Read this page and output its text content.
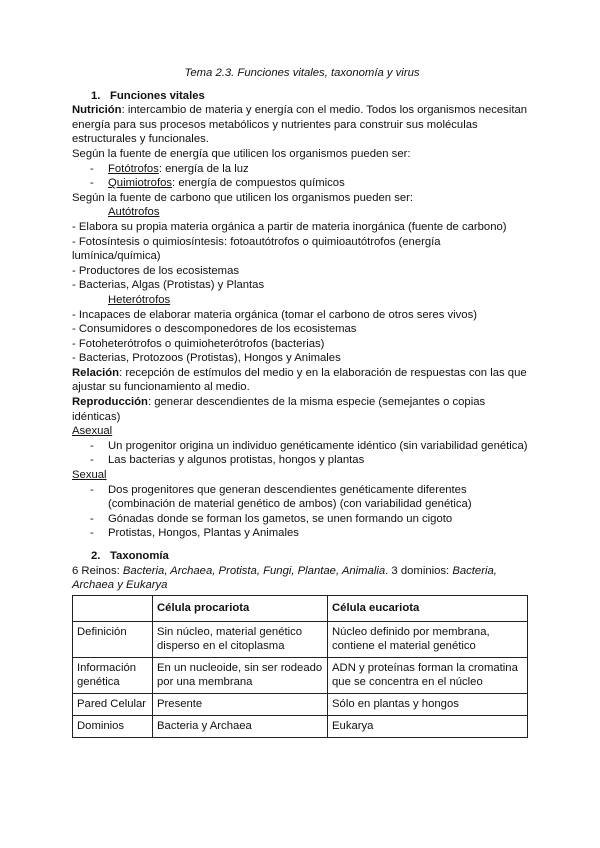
Tema 2.3. Funciones vitales, taxonomía y virus

1. Funciones vitales

Nutrición: intercambio de materia y energía con el medio. Todos los organismos necesitan energía para sus procesos metabólicos y nutrientes para construir sus moléculas estructurales y funcionales.

Según la fuente de energía que utilicen los organismos pueden ser:

- Fotótrofos: energía de la luz

- Quimiotrofos: energía de compuestos químicos

Según la fuente de carbono que utilicen los organismos pueden ser:

Autótrofos

- Elabora su propia materia orgánica a partir de materia inorgánica (fuente de carbono)

- Fotosíntesis o quimiosíntesis: fotoautótrofos o quimioautótrofos (energía lumínica/química)

- Productores de los ecosistemas

- Bacterias, Algas (Protistas) y Plantas

Heterótrofos

- Incapaces de elaborar materia orgánica (tomar el carbono de otros seres vivos)

- Consumidores o descomponedores de los ecosistemas

- Fotoheterótrofos o quimioheterótrofos (bacterias)

- Bacterias, Protozoos (Protistas), Hongos y Animales

Relación: recepción de estímulos del medio y en la elaboración de respuestas con las que ajustar su funcionamiento al medio.

Reproducción: generar descendientes de la misma especie (semejantes o copias idénticas)

Asexual

- Un progenitor origina un individuo genéticamente idéntico (sin variabilidad genética)

- Las bacterias y algunos protistas, hongos y plantas

Sexual

- Dos progenitores que generan descendientes genéticamente diferentes (combinación de material genético de ambos) (con variabilidad genética)

- Gónadas donde se forman los gametos, se unen formando un cigoto

- Protistas, Hongos, Plantas y Animales

2. Taxonomía

6 Reinos: Bacteria, Archaea, Protista, Fungi, Plantae, Animalia. 3 dominios: Bacteria, Archaea y Eukarya

	Célula procariota	Célula eucariota
Definición	Sin núcleo, material genético disperso en el citoplasma	Núcleo definido por membrana, contiene el material genético
Información genética	En un nucleoide, sin ser rodeado por una membrana	ADN y proteínas forman la cromatina que se concentra en el núcleo
Pared Celular	Presente	Sólo en plantas y hongos
Dominios	Bacteria y Archaea	Eukarya
